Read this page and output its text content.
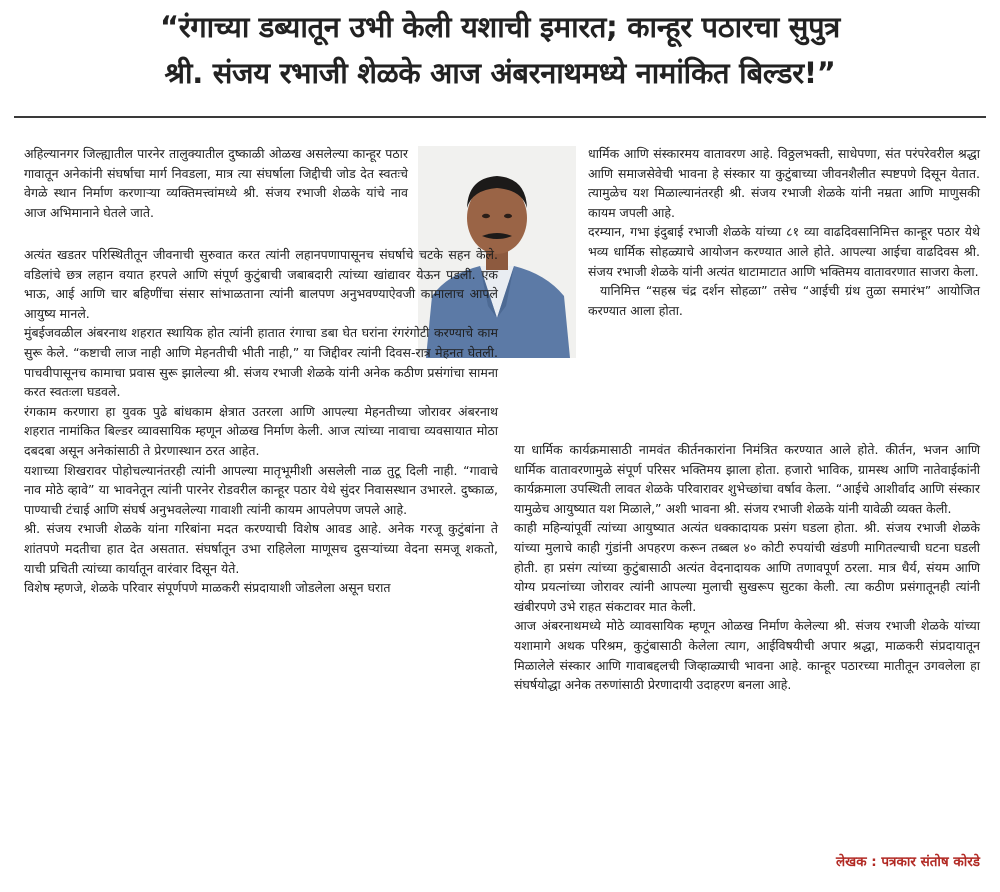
“रंगाच्या डब्यातून उभी केली यशाची इमारत; कान्हूर पठारचा सुपुत्र
श्री. संजय रभाजी शेळके आज अंबरनाथमध्ये नामांकित बिल्डर!”

अहिल्यानगर जिल्ह्यातील पारनेर तालुक्यातील दुष्काळी ओळख असलेल्या कान्हूर पठार गावातून अनेकांनी संघर्षाचा मार्ग निवडला, मात्र त्या संघर्षाला जिद्दीची जोड देत स्वतःचे वेगळे स्थान निर्माण करणाऱ्या व्यक्तिमत्त्वांमध्ये श्री. संजय रभाजी शेळके यांचे नाव आज अभिमानाने घेतले जाते.

अत्यंत खडतर परिस्थितीतून जीवनाची सुरुवात करत त्यांनी लहानपणापासूनच संघर्षाचे चटके सहन केले. वडिलांचे छत्र लहान वयात हरपले आणि संपूर्ण कुटुंबाची जबाबदारी त्यांच्या खांद्यावर येऊन पडली. एक भाऊ, आई आणि चार बहिणींचा संसार सांभाळताना त्यांनी बालपण अनुभवण्याऐवजी कामालाच आपले आयुष्य मानले.

मुंबईजवळील अंबरनाथ शहरात स्थायिक होत त्यांनी हातात रंगाचा डबा घेत घरांना रंगरंगोटी करण्याचे काम सुरू केले. “कष्टाची लाज नाही आणि मेहनतीची भीती नाही,” या जिद्दीवर त्यांनी दिवस-रात्र मेहनत घेतली. पाचवीपासूनच कामाचा प्रवास सुरू झालेल्या श्री. संजय रभाजी शेळके यांनी अनेक कठीण प्रसंगांचा सामना करत स्वतःला घडवले.

रंगकाम करणारा हा युवक पुढे बांधकाम क्षेत्रात उतरला आणि आपल्या मेहनतीच्या जोरावर अंबरनाथ शहरात नामांकित बिल्डर व्यावसायिक म्हणून ओळख निर्माण केली. आज त्यांच्या नावाचा व्यवसायात मोठा दबदबा असून अनेकांसाठी ते प्रेरणास्थान ठरत आहेत.

यशाच्या शिखरावर पोहोचल्यानंतरही त्यांनी आपल्या मातृभूमीशी असलेली नाळ तुटू दिली नाही. “गावाचे नाव मोठे व्हावे” या भावनेतून त्यांनी पारनेर रोडवरील कान्हूर पठार येथे सुंदर निवासस्थान उभारले. दुष्काळ, पाण्याची टंचाई आणि संघर्ष अनुभवलेल्या गावाशी त्यांनी कायम आपलेपण जपले आहे.

श्री. संजय रभाजी शेळके यांना गरिबांना मदत करण्याची विशेष आवड आहे. अनेक गरजू कुटुंबांना ते शांतपणे मदतीचा हात देत असतात. संघर्षातून उभा राहिलेला माणूसच दुसऱ्यांच्या वेदना समजू शकतो, याची प्रचिती त्यांच्या कार्यातून वारंवार दिसून येते.

विशेष म्हणजे, शेळके परिवार संपूर्णपणे माळकरी संप्रदायाशी जोडलेला असून घरात

धार्मिक आणि संस्कारमय वातावरण आहे. विठ्ठलभक्ती, साधेपणा, संत परंपरेवरील श्रद्धा आणि समाजसेवेची भावना हे संस्कार या कुटुंबाच्या जीवनशैलीत स्पष्टपणे दिसून येतात. त्यामुळेच यश मिळाल्यानंतरही श्री. संजय रभाजी शेळके यांनी नम्रता आणि माणुसकी कायम जपली आहे.

दरम्यान, गभा इंदुबाई रभाजी शेळके यांच्या ८१ व्या वाढदिवसानिमित्त कान्हूर पठार येथे भव्य धार्मिक सोहळ्याचे आयोजन करण्यात आले होते. आपल्या आईचा वाढदिवस श्री. संजय रभाजी शेळके यांनी अत्यंत थाटामाटात आणि भक्तिमय वातावरणात साजरा केला.

यानिमित्त “सहस्र चंद्र दर्शन सोहळा” तसेच “आईची ग्रंथ तुळा समारंभ” आयोजित करण्यात आला होता.

या धार्मिक कार्यक्रमासाठी नामवंत कीर्तनकारांना निमंत्रित करण्यात आले होते. कीर्तन, भजन आणि धार्मिक वातावरणामुळे संपूर्ण परिसर भक्तिमय झाला होता. हजारो भाविक, ग्रामस्थ आणि नातेवाईकांनी कार्यक्रमाला उपस्थिती लावत शेळके परिवारावर शुभेच्छांचा वर्षाव केला. “आईचे आशीर्वाद आणि संस्कार यामुळेच आयुष्यात यश मिळाले,” अशी भावना श्री. संजय रभाजी शेळके यांनी यावेळी व्यक्त केली.

काही महिन्यांपूर्वी त्यांच्या आयुष्यात अत्यंत धक्कादायक प्रसंग घडला होता. श्री. संजय रभाजी शेळके यांच्या मुलाचे काही गुंडांनी अपहरण करून तब्बल ४० कोटी रुपयांची खंडणी मागितल्याची घटना घडली होती. हा प्रसंग त्यांच्या कुटुंबासाठी अत्यंत वेदनादायक आणि तणावपूर्ण ठरला. मात्र धैर्य, संयम आणि योग्य प्रयत्नांच्या जोरावर त्यांनी आपल्या मुलाची सुखरूप सुटका केली. त्या कठीण प्रसंगातूनही त्यांनी खंबीरपणे उभे राहत संकटावर मात केली.

आज अंबरनाथमध्ये मोठे व्यावसायिक म्हणून ओळख निर्माण केलेल्या श्री. संजय रभाजी शेळके यांच्या यशामागे अथक परिश्रम, कुटुंबासाठी केलेला त्याग, आईविषयीची अपार श्रद्धा, माळकरी संप्रदायातून मिळालेले संस्कार आणि गावाबद्दलची जिव्हाळ्याची भावना आहे. कान्हूर पठारच्या मातीतून उगवलेला हा संघर्षयोद्धा अनेक तरुणांसाठी प्रेरणादायी उदाहरण बनला आहे.

लेखक : पत्रकार संतोष कोरडे
